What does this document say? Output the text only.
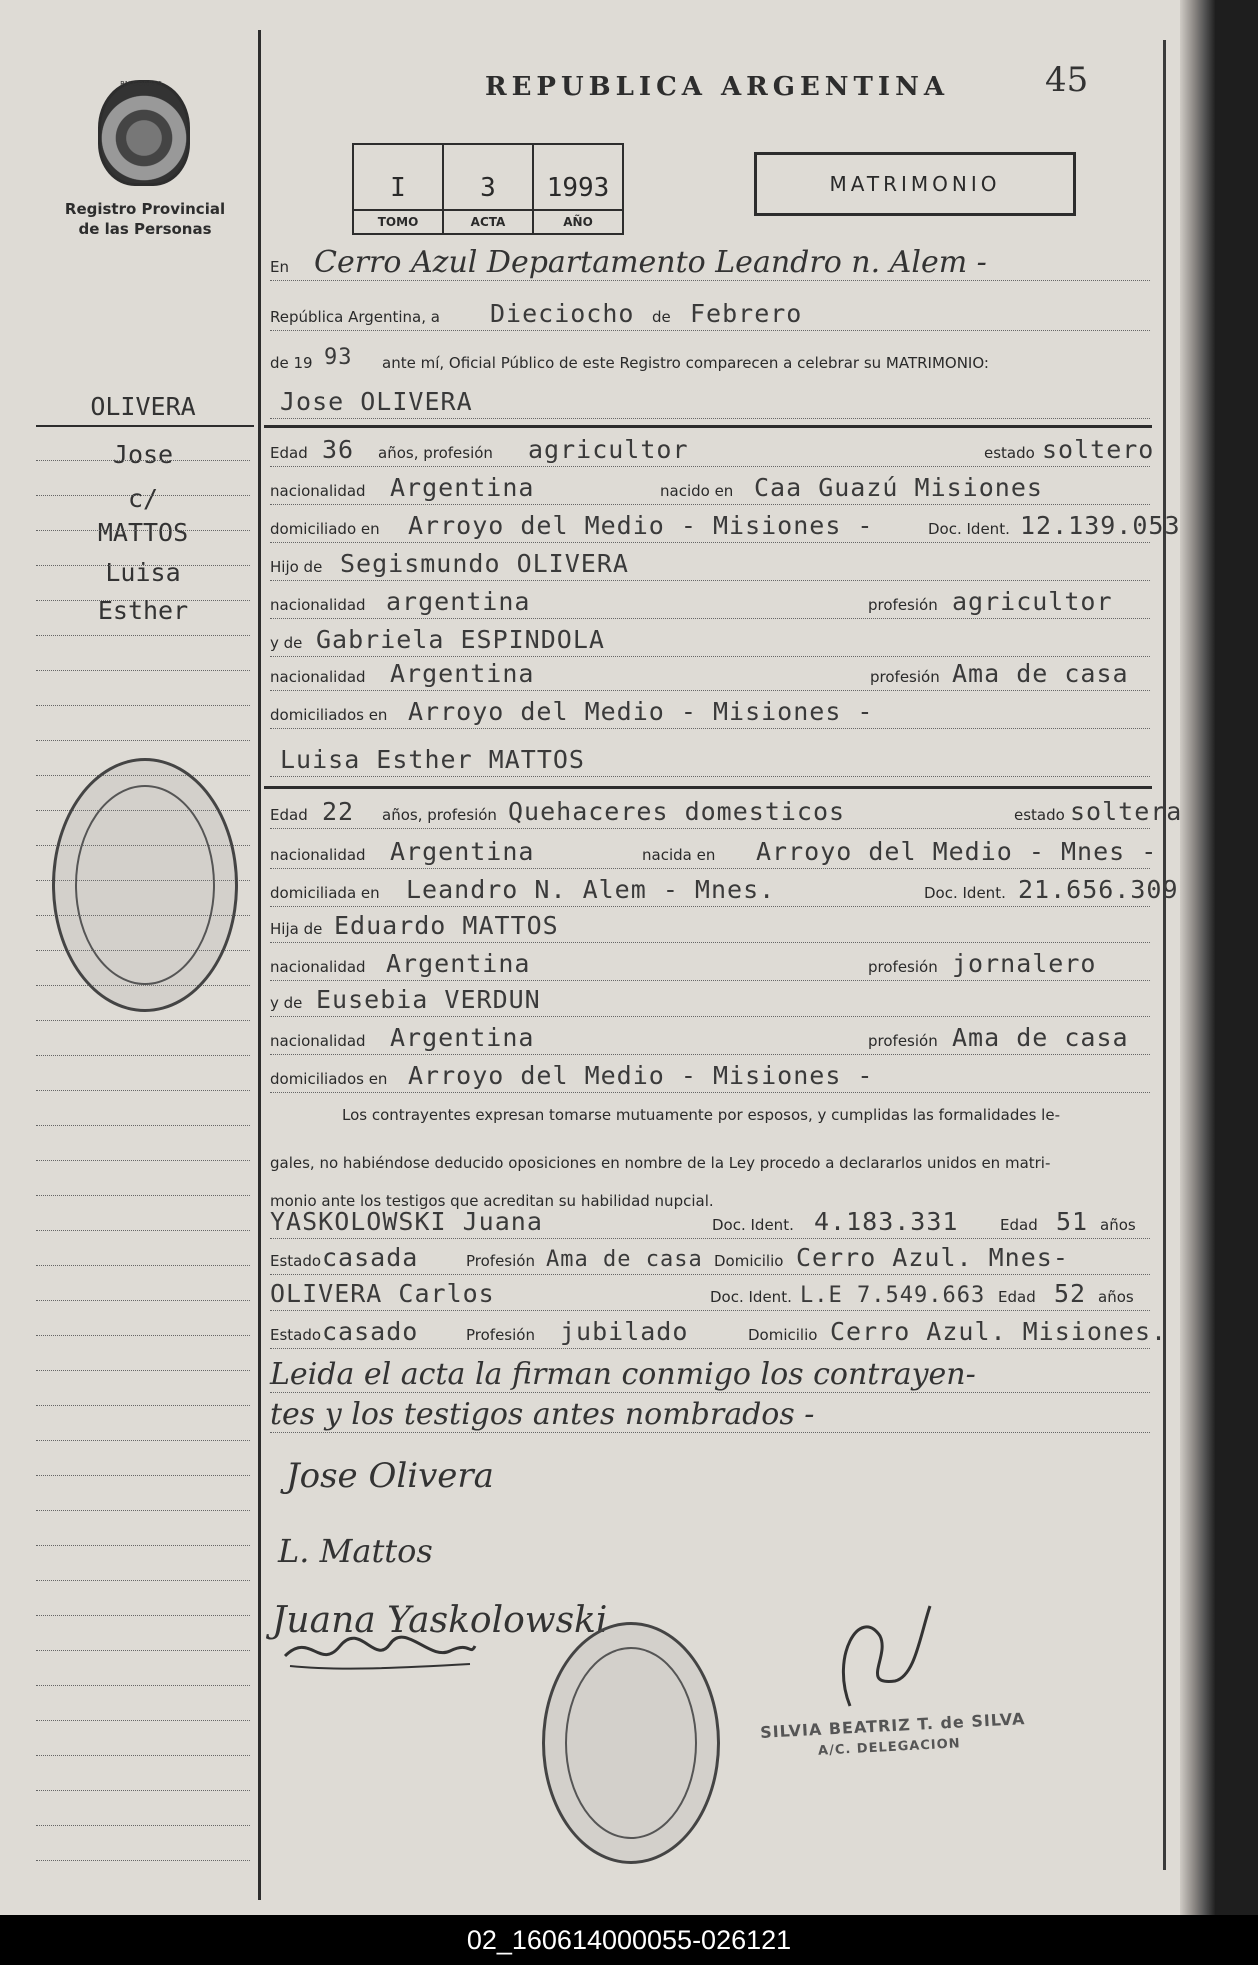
RN GORRES
Registro Provincial
de las Personas
REPUBLICA ARGENTINA	45
I
TOMO
3
ACTA
1993
AÑO
MATRIMONIO
OLIVERA
Jose
c/
MATTOS
Luisa
Esther
En Cerro Azul Departamento Leandro n. Alem -
República Argentina, a Dieciocho de Febrero
de 19 93 ante mí, Oficial Público de este Registro comparecen a celebrar su MATRIMONIO:
Jose OLIVERA
Edad 36 años, profesión agricultor	estado soltero
nacionalidad Argentina	nacido en Caa Guazú Misiones
domiciliado en Arroyo del Medio - Misiones -	Doc. Ident. 12.139.053
Hijo de Segismundo OLIVERA
nacionalidad argentina	profesión agricultor
y de Gabriela ESPINDOLA
nacionalidad Argentina	profesión Ama de casa
domiciliados en Arroyo del Medio - Misiones -
Luisa Esther MATTOS
Edad 22 años, profesión Quehaceres domesticos	estado soltera
nacionalidad Argentina	nacida en Arroyo del Medio - Mnes -
domiciliada en Leandro N. Alem - Mnes.	Doc. Ident. 21.656.309
Hija de Eduardo MATTOS
nacionalidad Argentina	profesión jornalero
y de Eusebia VERDUN
nacionalidad Argentina	profesión Ama de casa
domiciliados en Arroyo del Medio - Misiones -
Los contrayentes expresan tomarse mutuamente por esposos, y cumplidas las formalidades le-
gales, no habiéndose deducido oposiciones en nombre de la Ley procedo a declararlos unidos en matri-
monio ante los testigos que acreditan su habilidad nupcial.
YASKOLOWSKI Juana	Doc. Ident. 4.183.331	Edad 51 años
Estado casada	Profesión Ama de casa Domicilio Cerro Azul. Mnes-
OLIVERA Carlos	Doc. Ident. L.E 7.549.663 Edad 52 años
Estado casado	Profesión jubilado	Domicilio Cerro Azul. Misiones.
Leida el acta la firman conmigo los contrayen-
tes y los testigos antes nombrados -
Jose Olivera
L. Mattos
Juana Yaskolowski
SILVIA BEATRIZ T. de SILVA
A/C. DELEGACION
02_160614000055-026121
